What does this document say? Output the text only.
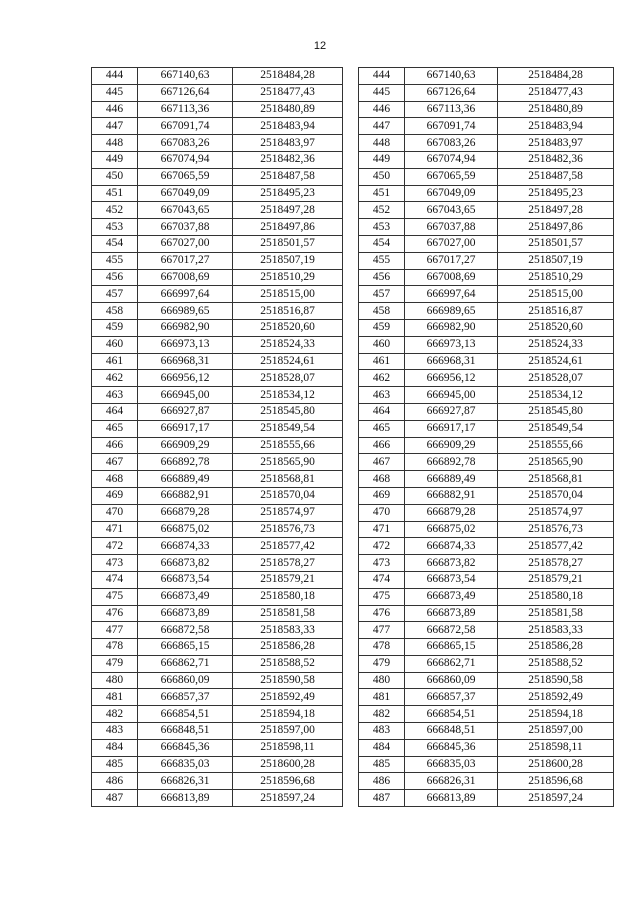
12
444	667140,63	2518484,28
445	667126,64	2518477,43
446	667113,36	2518480,89
447	667091,74	2518483,94
448	667083,26	2518483,97
449	667074,94	2518482,36
450	667065,59	2518487,58
451	667049,09	2518495,23
452	667043,65	2518497,28
453	667037,88	2518497,86
454	667027,00	2518501,57
455	667017,27	2518507,19
456	667008,69	2518510,29
457	666997,64	2518515,00
458	666989,65	2518516,87
459	666982,90	2518520,60
460	666973,13	2518524,33
461	666968,31	2518524,61
462	666956,12	2518528,07
463	666945,00	2518534,12
464	666927,87	2518545,80
465	666917,17	2518549,54
466	666909,29	2518555,66
467	666892,78	2518565,90
468	666889,49	2518568,81
469	666882,91	2518570,04
470	666879,28	2518574,97
471	666875,02	2518576,73
472	666874,33	2518577,42
473	666873,82	2518578,27
474	666873,54	2518579,21
475	666873,49	2518580,18
476	666873,89	2518581,58
477	666872,58	2518583,33
478	666865,15	2518586,28
479	666862,71	2518588,52
480	666860,09	2518590,58
481	666857,37	2518592,49
482	666854,51	2518594,18
483	666848,51	2518597,00
484	666845,36	2518598,11
485	666835,03	2518600,28
486	666826,31	2518596,68
487	666813,89	2518597,24
444	667140,63	2518484,28
445	667126,64	2518477,43
446	667113,36	2518480,89
447	667091,74	2518483,94
448	667083,26	2518483,97
449	667074,94	2518482,36
450	667065,59	2518487,58
451	667049,09	2518495,23
452	667043,65	2518497,28
453	667037,88	2518497,86
454	667027,00	2518501,57
455	667017,27	2518507,19
456	667008,69	2518510,29
457	666997,64	2518515,00
458	666989,65	2518516,87
459	666982,90	2518520,60
460	666973,13	2518524,33
461	666968,31	2518524,61
462	666956,12	2518528,07
463	666945,00	2518534,12
464	666927,87	2518545,80
465	666917,17	2518549,54
466	666909,29	2518555,66
467	666892,78	2518565,90
468	666889,49	2518568,81
469	666882,91	2518570,04
470	666879,28	2518574,97
471	666875,02	2518576,73
472	666874,33	2518577,42
473	666873,82	2518578,27
474	666873,54	2518579,21
475	666873,49	2518580,18
476	666873,89	2518581,58
477	666872,58	2518583,33
478	666865,15	2518586,28
479	666862,71	2518588,52
480	666860,09	2518590,58
481	666857,37	2518592,49
482	666854,51	2518594,18
483	666848,51	2518597,00
484	666845,36	2518598,11
485	666835,03	2518600,28
486	666826,31	2518596,68
487	666813,89	2518597,24
